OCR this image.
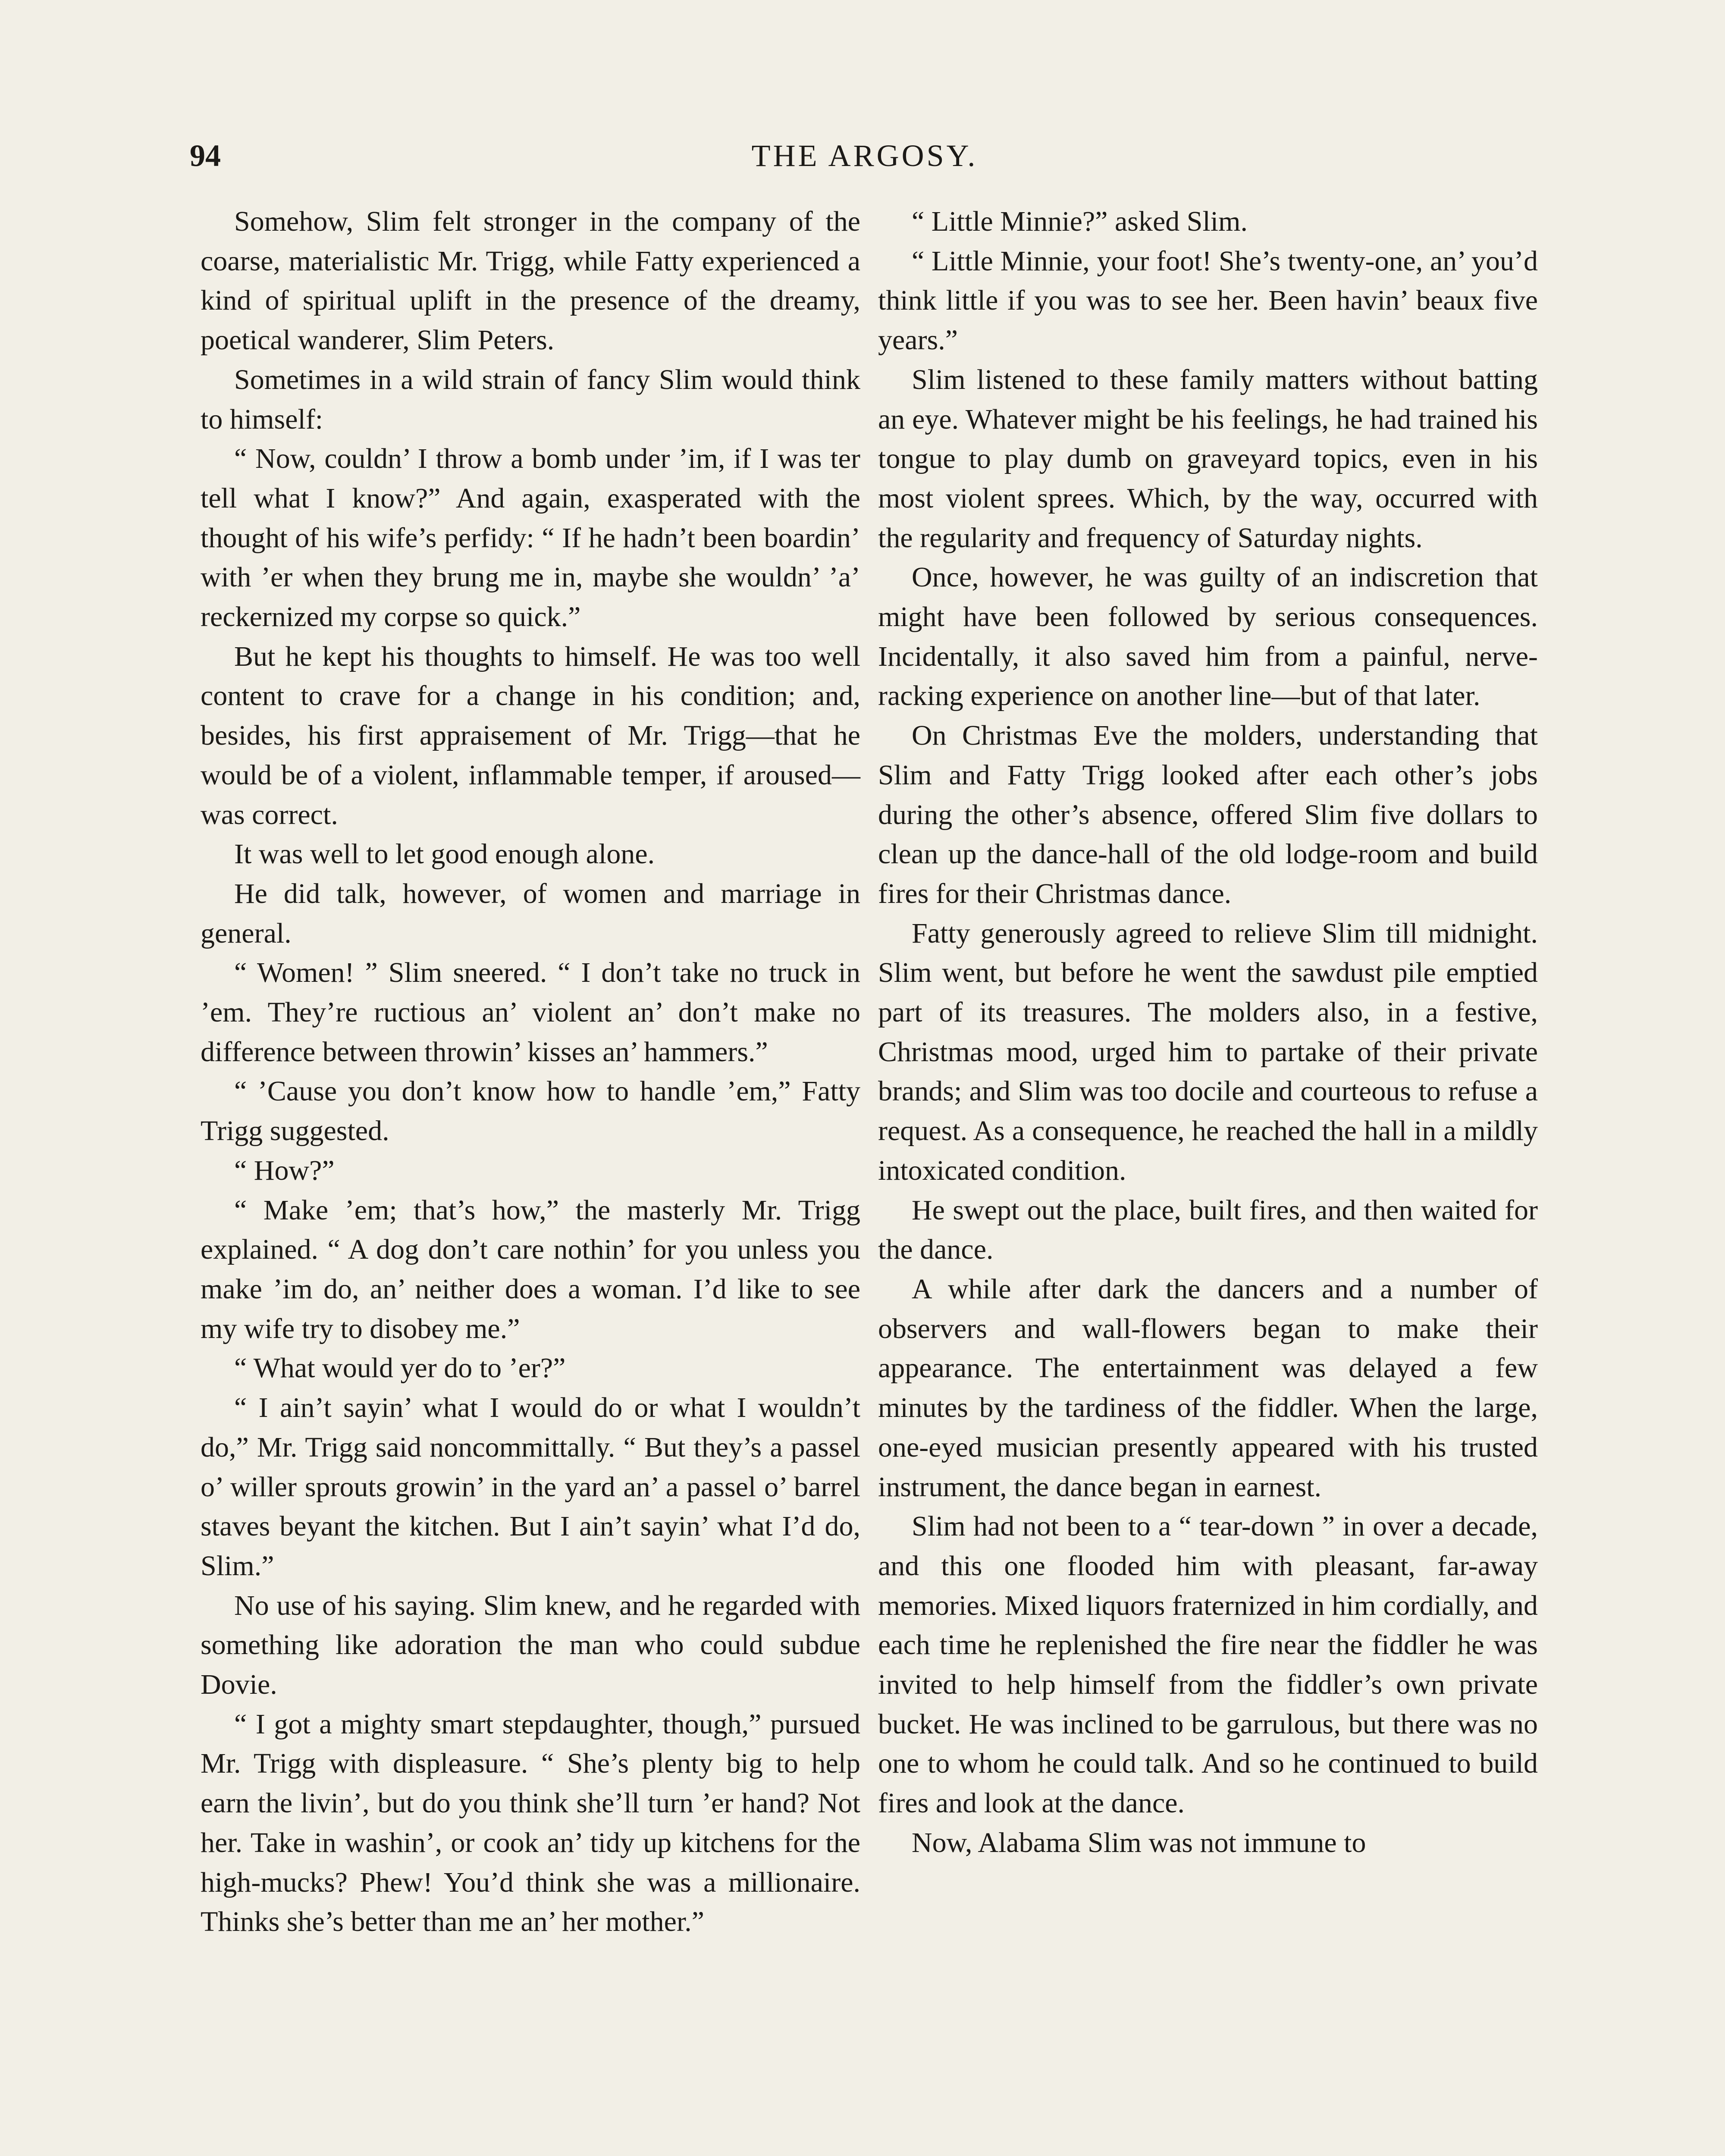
94	THE ARGOSY.

Somehow, Slim felt stronger in the company of the coarse, materialistic Mr. Trigg, while Fatty experienced a kind of spiritual uplift in the presence of the dreamy, poetical wanderer, Slim Peters.

Sometimes in a wild strain of fancy Slim would think to himself:

“ Now, couldn’ I throw a bomb under ’im, if I was ter tell what I know?” And again, exasperated with the thought of his wife’s perfidy: “ If he hadn’t been boardin’ with ’er when they brung me in, maybe she wouldn’ ’a’ reckernized my corpse so quick.”

But he kept his thoughts to himself. He was too well content to crave for a change in his condition; and, besides, his first appraisement of Mr. Trigg—that he would be of a violent, inflammable temper, if aroused—was correct.

It was well to let good enough alone.

He did talk, however, of women and marriage in general.

“ Women! ” Slim sneered. “ I don’t take no truck in ’em. They’re ructious an’ violent an’ don’t make no difference between throwin’ kisses an’ hammers.”

“ ’Cause you don’t know how to handle ’em,” Fatty Trigg suggested.

“ How?”

“ Make ’em; that’s how,” the masterly Mr. Trigg explained. “ A dog don’t care nothin’ for you unless you make ’im do, an’ neither does a woman. I’d like to see my wife try to disobey me.”

“ What would yer do to ’er?”

“ I ain’t sayin’ what I would do or what I wouldn’t do,” Mr. Trigg said noncommittally. “ But they’s a passel o’ willer sprouts growin’ in the yard an’ a passel o’ barrel staves beyant the kitchen. But I ain’t sayin’ what I’d do, Slim.”

No use of his saying. Slim knew, and he regarded with something like adoration the man who could subdue Dovie.

“ I got a mighty smart stepdaughter, though,” pursued Mr. Trigg with displeasure. “ She’s plenty big to help earn the livin’, but do you think she’ll turn ’er hand? Not her. Take in washin’, or cook an’ tidy up kitchens for the high-mucks? Phew! You’d think she was a millionaire. Thinks she’s better than me an’ her mother.”

“ Little Minnie?” asked Slim.

“ Little Minnie, your foot! She’s twenty-one, an’ you’d think little if you was to see her. Been havin’ beaux five years.”

Slim listened to these family matters without batting an eye. Whatever might be his feelings, he had trained his tongue to play dumb on graveyard topics, even in his most violent sprees. Which, by the way, occurred with the regularity and frequency of Saturday nights.

Once, however, he was guilty of an indiscretion that might have been followed by serious consequences. Incidentally, it also saved him from a painful, nerve-racking experience on another line—but of that later.

On Christmas Eve the molders, understanding that Slim and Fatty Trigg looked after each other’s jobs during the other’s absence, offered Slim five dollars to clean up the dance-hall of the old lodge-room and build fires for their Christmas dance.

Fatty generously agreed to relieve Slim till midnight. Slim went, but before he went the sawdust pile emptied part of its treasures. The molders also, in a festive, Christmas mood, urged him to partake of their private brands; and Slim was too docile and courteous to refuse a request. As a consequence, he reached the hall in a mildly intoxicated condition.

He swept out the place, built fires, and then waited for the dance.

A while after dark the dancers and a number of observers and wall-flowers began to make their appearance. The entertainment was delayed a few minutes by the tardiness of the fiddler. When the large, one-eyed musician presently appeared with his trusted instrument, the dance began in earnest.

Slim had not been to a “ tear-down ” in over a decade, and this one flooded him with pleasant, far-away memories. Mixed liquors fraternized in him cordially, and each time he replenished the fire near the fiddler he was invited to help himself from the fiddler’s own private bucket. He was inclined to be garrulous, but there was no one to whom he could talk. And so he continued to build fires and look at the dance.

Now, Alabama Slim was not immune to
